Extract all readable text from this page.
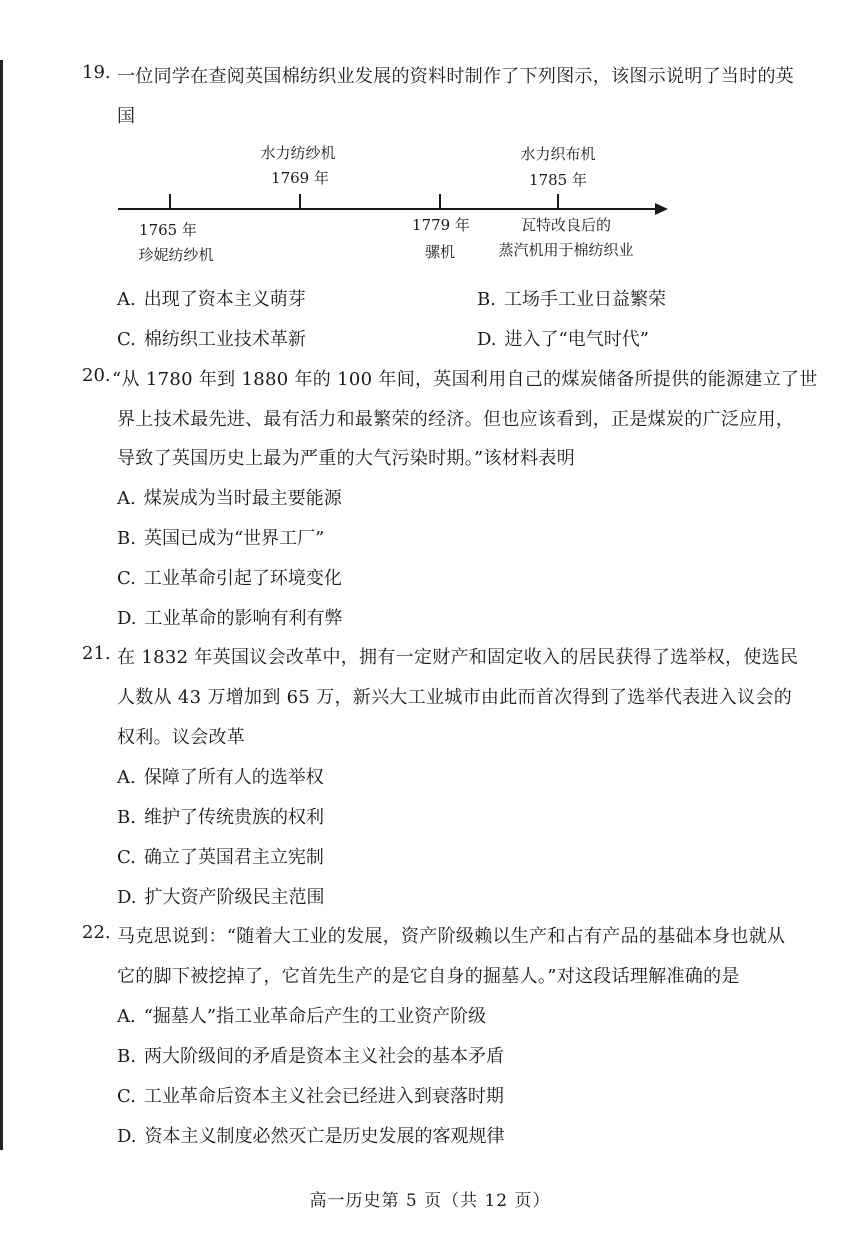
19. 一位同学在查阅英国棉纺织业发展的资料时制作了下列图示，该图示说明了当时的英
国
水力纺纱机
1769 年
水力织布机
1785 年
1765 年
珍妮纺纱机
1779 年
骡机
瓦特改良后的
蒸汽机用于棉纺织业
A. 出现了资本主义萌芽	B. 工场手工业日益繁荣
C. 棉纺织工业技术革新	D. 进入了“电气时代”
20. “从 1780 年到 1880 年的 100 年间，英国利用自己的煤炭储备所提供的能源建立了世
界上技术最先进、最有活力和最繁荣的经济。但也应该看到，正是煤炭的广泛应用，
导致了英国历史上最为严重的大气污染时期。”该材料表明
A. 煤炭成为当时最主要能源
B. 英国已成为“世界工厂”
C. 工业革命引起了环境变化
D. 工业革命的影响有利有弊
21. 在 1832 年英国议会改革中，拥有一定财产和固定收入的居民获得了选举权，使选民
人数从 43 万增加到 65 万，新兴大工业城市由此而首次得到了选举代表进入议会的
权利。议会改革
A. 保障了所有人的选举权
B. 维护了传统贵族的权利
C. 确立了英国君主立宪制
D. 扩大资产阶级民主范围
22. 马克思说到：“随着大工业的发展，资产阶级赖以生产和占有产品的基础本身也就从
它的脚下被挖掉了，它首先生产的是它自身的掘墓人。”对这段话理解准确的是
A. “掘墓人”指工业革命后产生的工业资产阶级
B. 两大阶级间的矛盾是资本主义社会的基本矛盾
C. 工业革命后资本主义社会已经进入到衰落时期
D. 资本主义制度必然灭亡是历史发展的客观规律
高一历史第 5 页（共 12 页）
